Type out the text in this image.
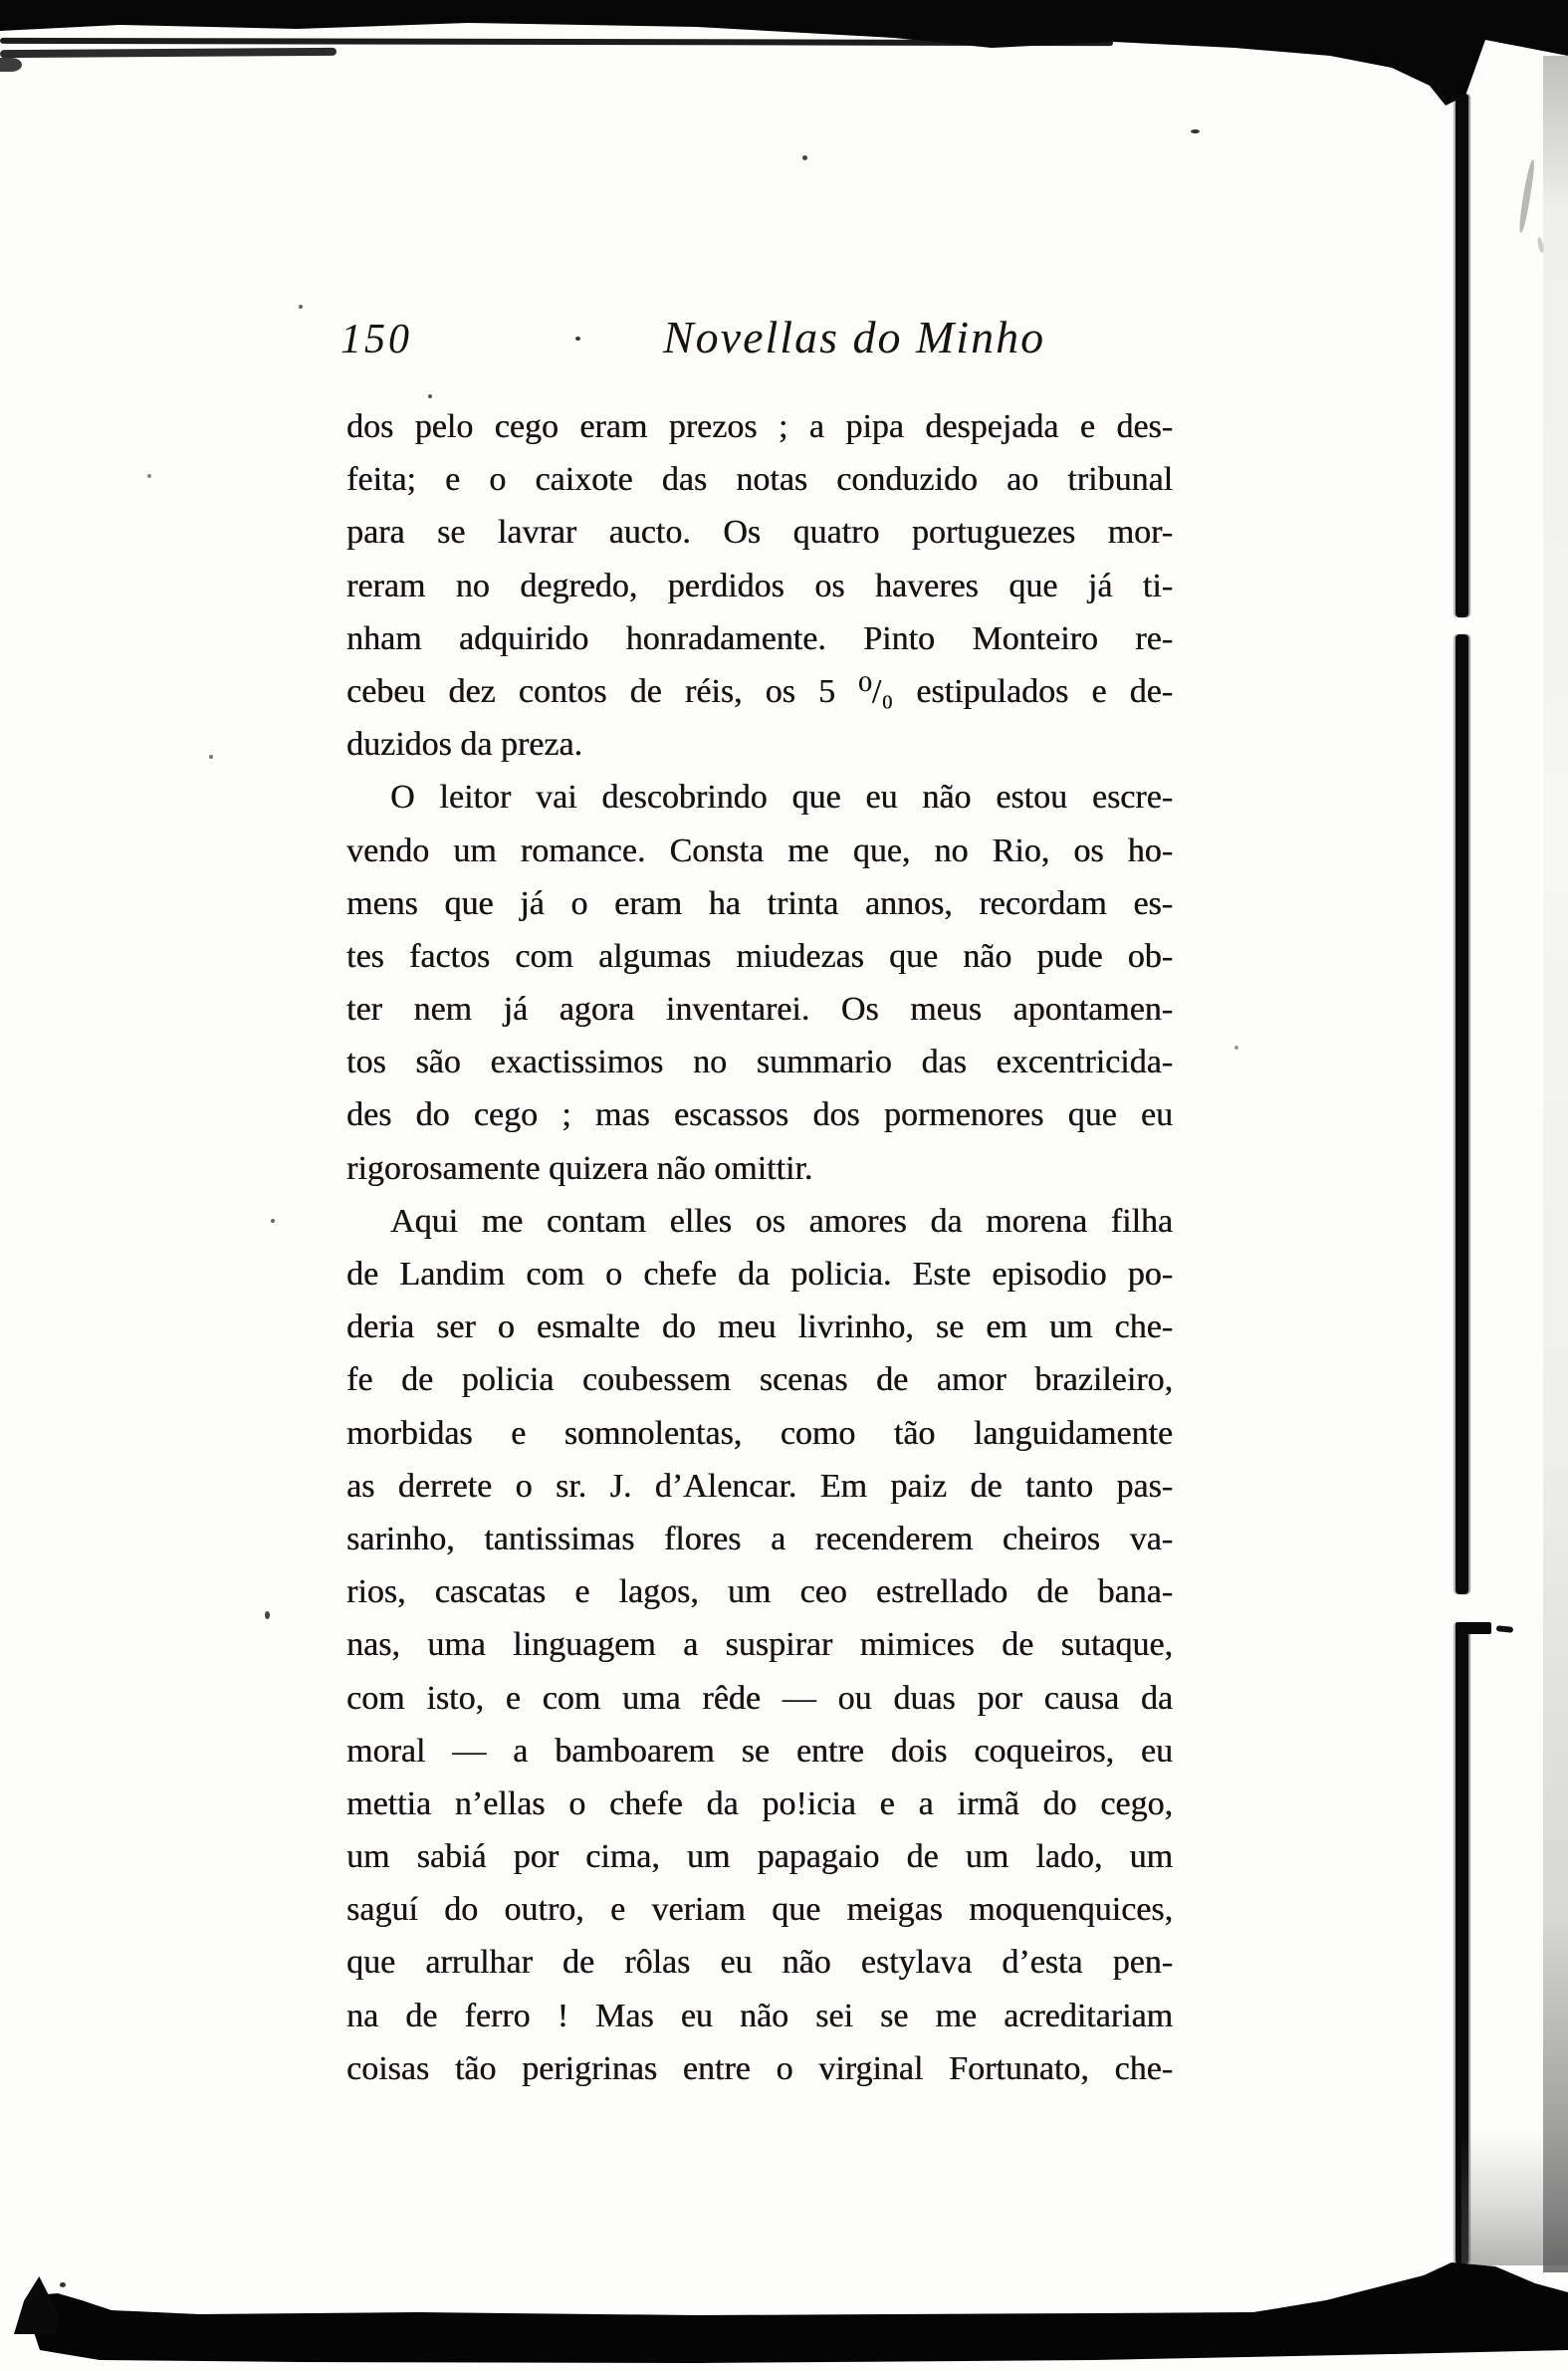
150	Novellas do Minho
dos pelo cego eram prezos ; a pipa despejada e des-
feita; e o caixote das notas conduzido ao tribunal
para se lavrar aucto. Os quatro portuguezes mor-
reram no degredo, perdidos os haveres que já ti-
nham adquirido honradamente. Pinto Monteiro re-
cebeu dez contos de réis, os 5 ⁰/₀ estipulados e de-
duzidos da preza.
O leitor vai descobrindo que eu não estou escre-
vendo um romance. Consta me que, no Rio, os ho-
mens que já o eram ha trinta annos, recordam es-
tes factos com algumas miudezas que não pude ob-
ter nem já agora inventarei. Os meus apontamen-
tos são exactissimos no summario das excentricida-
des do cego ; mas escassos dos pormenores que eu
rigorosamente quizera não omittir.
Aqui me contam elles os amores da morena filha
de Landim com o chefe da policia. Este episodio po-
deria ser o esmalte do meu livrinho, se em um che-
fe de policia coubessem scenas de amor brazileiro,
morbidas e somnolentas, como tão languidamente
as derrete o sr. J. d’Alencar. Em paiz de tanto pas-
sarinho, tantissimas flores a recenderem cheiros va-
rios, cascatas e lagos, um ceo estrellado de bana-
nas, uma linguagem a suspirar mimices de sutaque,
com isto, e com uma rêde — ou duas por causa da
moral — a bamboarem se entre dois coqueiros, eu
mettia n’ellas o chefe da po!icia e a irmã do cego,
um sabiá por cima, um papagaio de um lado, um
saguí do outro, e veriam que meigas moquenquices,
que arrulhar de rôlas eu não estylava d’esta pen-
na de ferro ! Mas eu não sei se me acreditariam
coisas tão perigrinas entre o virginal Fortunato, che-
